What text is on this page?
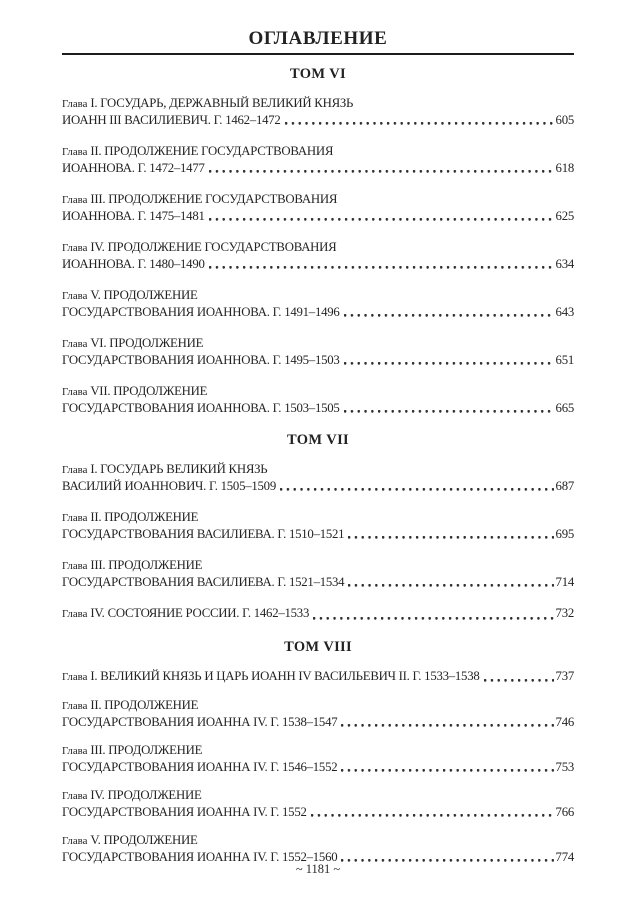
ОГЛАВЛЕНИЕ
ТОМ VI
Глава I. ГОСУДАРЬ, ДЕРЖАВНЫЙ ВЕЛИКИЙ КНЯЗЬ
ИОАНН III ВАСИЛИЕВИЧ. Г. 1462–1472	605
Глава II. ПРОДОЛЖЕНИЕ ГОСУДАРСТВОВАНИЯ
ИОАННОВА. Г. 1472–1477	618
Глава III. ПРОДОЛЖЕНИЕ ГОСУДАРСТВОВАНИЯ
ИОАННОВА. Г. 1475–1481	625
Глава IV. ПРОДОЛЖЕНИЕ ГОСУДАРСТВОВАНИЯ
ИОАННОВА. Г. 1480–1490	634
Глава V. ПРОДОЛЖЕНИЕ
ГОСУДАРСТВОВАНИЯ ИОАННОВА. Г. 1491–1496	643
Глава VI. ПРОДОЛЖЕНИЕ
ГОСУДАРСТВОВАНИЯ ИОАННОВА. Г. 1495–1503	651
Глава VII. ПРОДОЛЖЕНИЕ
ГОСУДАРСТВОВАНИЯ ИОАННОВА. Г. 1503–1505	665
ТОМ VII
Глава I. ГОСУДАРЬ ВЕЛИКИЙ КНЯЗЬ
ВАСИЛИЙ ИОАННОВИЧ. Г. 1505–1509	687
Глава II. ПРОДОЛЖЕНИЕ
ГОСУДАРСТВОВАНИЯ ВАСИЛИЕВА. Г. 1510–1521	695
Глава III. ПРОДОЛЖЕНИЕ
ГОСУДАРСТВОВАНИЯ ВАСИЛИЕВА. Г. 1521–1534	714
Глава IV. СОСТОЯНИЕ РОССИИ. Г. 1462–1533	732
ТОМ VIII
Глава I. ВЕЛИКИЙ КНЯЗЬ И ЦАРЬ ИОАНН IV ВАСИЛЬЕВИЧ II. Г. 1533–1538	737
Глава II. ПРОДОЛЖЕНИЕ
ГОСУДАРСТВОВАНИЯ ИОАННА IV. Г. 1538–1547	746
Глава III. ПРОДОЛЖЕНИЕ
ГОСУДАРСТВОВАНИЯ ИОАННА IV. Г. 1546–1552	753
Глава IV. ПРОДОЛЖЕНИЕ
ГОСУДАРСТВОВАНИЯ ИОАННА IV. Г. 1552	766
Глава V. ПРОДОЛЖЕНИЕ
ГОСУДАРСТВОВАНИЯ ИОАННА IV. Г. 1552–1560	774
~ 1181 ~
